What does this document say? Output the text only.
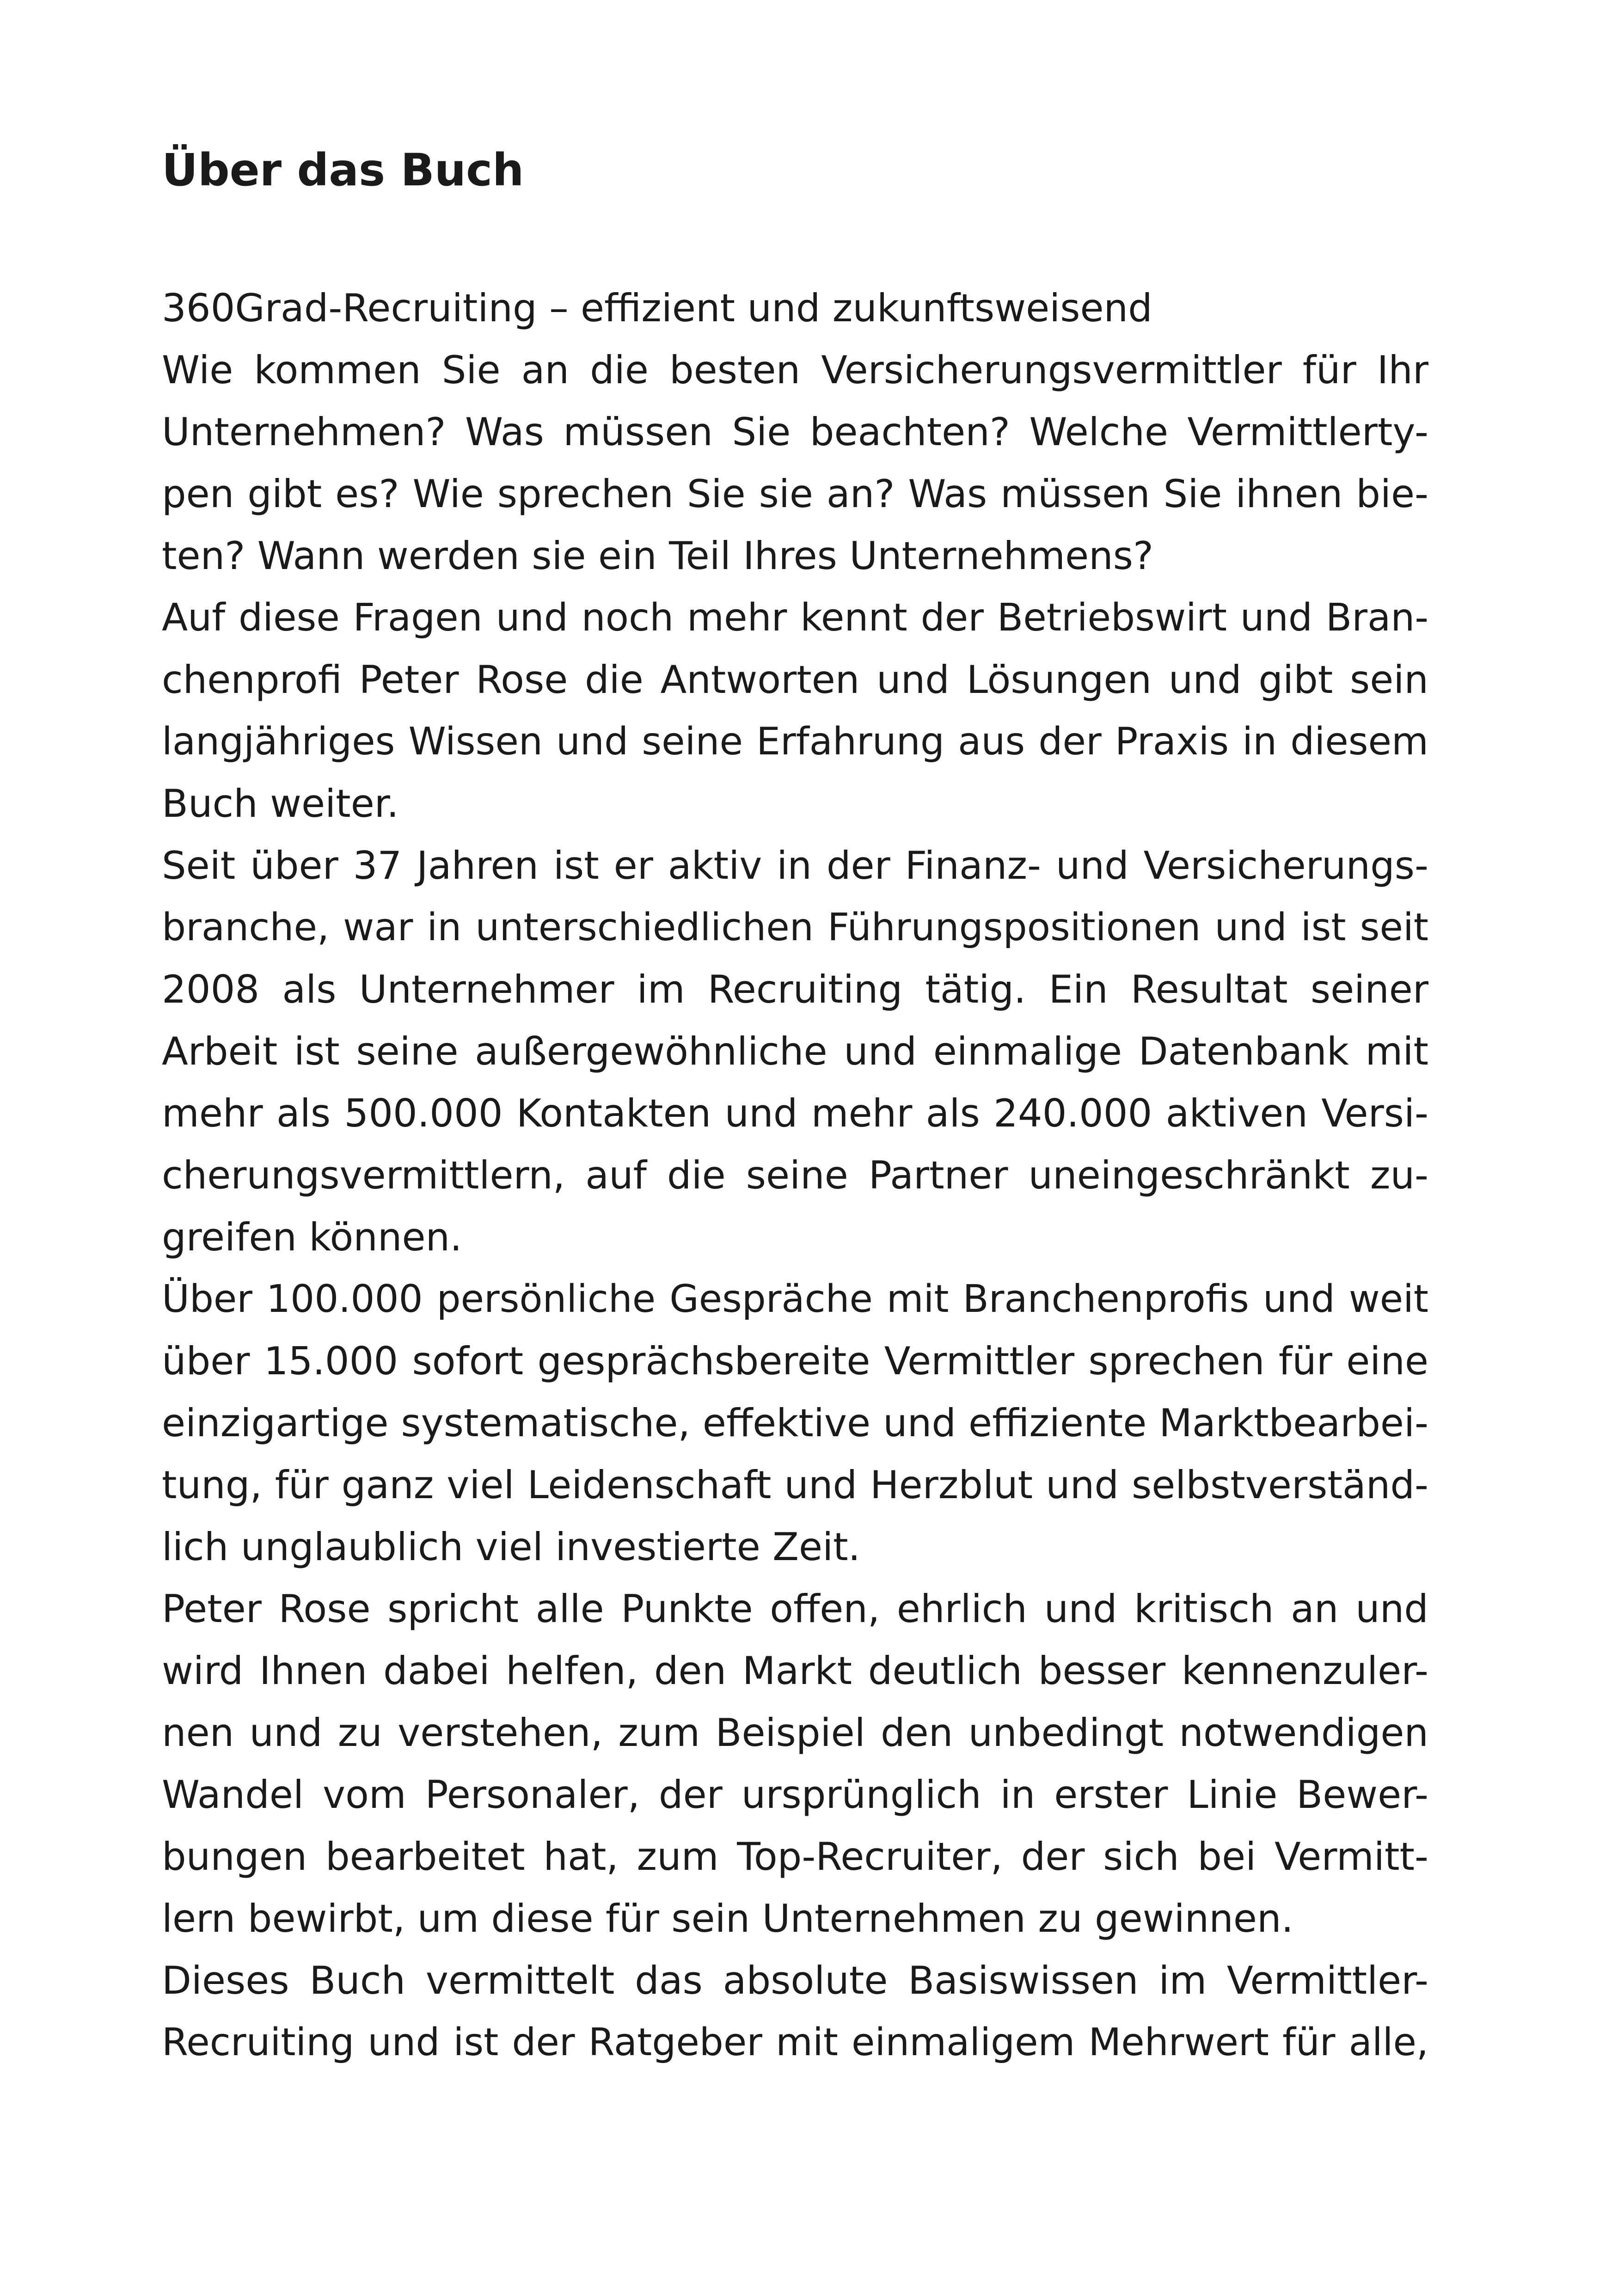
Über das Buch
360Grad-Recruiting – effizient und zukunftsweisend
Wie kommen Sie an die besten Versicherungsvermittler für Ihr
Unternehmen? Was müssen Sie beachten? Welche Vermittlerty-
pen gibt es? Wie sprechen Sie sie an? Was müssen Sie ihnen bie-
ten? Wann werden sie ein Teil Ihres Unternehmens?
Auf diese Fragen und noch mehr kennt der Betriebswirt und Bran-
chenprofi Peter Rose die Antworten und Lösungen und gibt sein
langjähriges Wissen und seine Erfahrung aus der Praxis in diesem
Buch weiter.
Seit über 37 Jahren ist er aktiv in der Finanz- und Versicherungs-
branche, war in unterschiedlichen Führungspositionen und ist seit
2008 als Unternehmer im Recruiting tätig. Ein Resultat seiner
Arbeit ist seine außergewöhnliche und einmalige Datenbank mit
mehr als 500.000 Kontakten und mehr als 240.000 aktiven Versi-
cherungsvermittlern, auf die seine Partner uneingeschränkt zu-
greifen können.
Über 100.000 persönliche Gespräche mit Branchenprofis und weit
über 15.000 sofort gesprächsbereite Vermittler sprechen für eine
einzigartige systematische, effektive und effiziente Marktbearbei-
tung, für ganz viel Leidenschaft und Herzblut und selbstverständ-
lich unglaublich viel investierte Zeit.
Peter Rose spricht alle Punkte offen, ehrlich und kritisch an und
wird Ihnen dabei helfen, den Markt deutlich besser kennenzuler-
nen und zu verstehen, zum Beispiel den unbedingt notwendigen
Wandel vom Personaler, der ursprünglich in erster Linie Bewer-
bungen bearbeitet hat, zum Top-Recruiter, der sich bei Vermitt-
lern bewirbt, um diese für sein Unternehmen zu gewinnen.
Dieses Buch vermittelt das absolute Basiswissen im Vermittler-
Recruiting und ist der Ratgeber mit einmaligem Mehrwert für alle,
